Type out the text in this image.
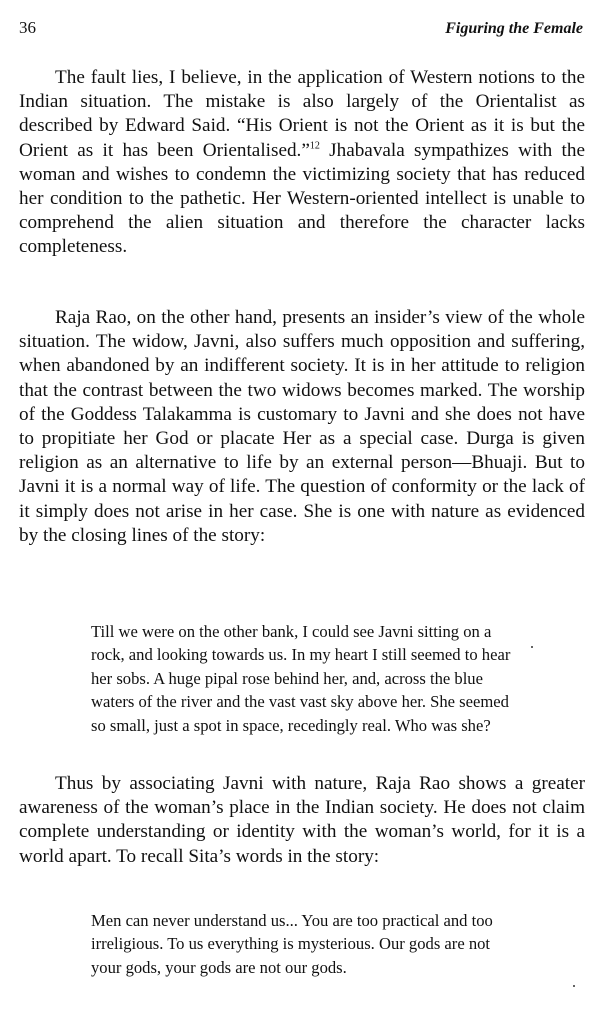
36	Figuring the Female

The fault lies, I believe, in the application of Western notions to the Indian situation. The mistake is also largely of the Orientalist as described by Edward Said. “His Orient is not the Orient as it is but the Orient as it has been Orientalised.”$^{12}$ Jhabavala sympathizes with the woman and wishes to condemn the victimizing society that has reduced her condition to the pathetic. Her Western-oriented intellect is unable to comprehend the alien situation and therefore the character lacks completeness.

Raja Rao, on the other hand, presents an insider’s view of the whole situation. The widow, Javni, also suffers much opposition and suffering, when abandoned by an indifferent society. It is in her attitude to religion that the contrast between the two widows becomes marked. The worship of the Goddess Talakamma is customary to Javni and she does not have to propitiate her God or placate Her as a special case. Durga is given religion as an alternative to life by an external person—Bhuaji. But to Javni it is a normal way of life. The question of conformity or the lack of it simply does not arise in her case. She is one with nature as evidenced by the closing lines of the story:

Till we were on the other bank, I could see Javni sitting on a rock, and looking towards us. In my heart I still seemed to hear her sobs. A huge pipal rose behind her, and, across the blue waters of the river and the vast vast sky above her. She seemed so small, just a spot in space, recedingly real. Who was she?

Thus by associating Javni with nature, Raja Rao shows a greater awareness of the woman’s place in the Indian society. He does not claim complete understanding or identity with the woman’s world, for it is a world apart. To recall Sita’s words in the story:

Men can never understand us... You are too practical and too irreligious. To us everything is mysterious. Our gods are not your gods, your gods are not our gods.
